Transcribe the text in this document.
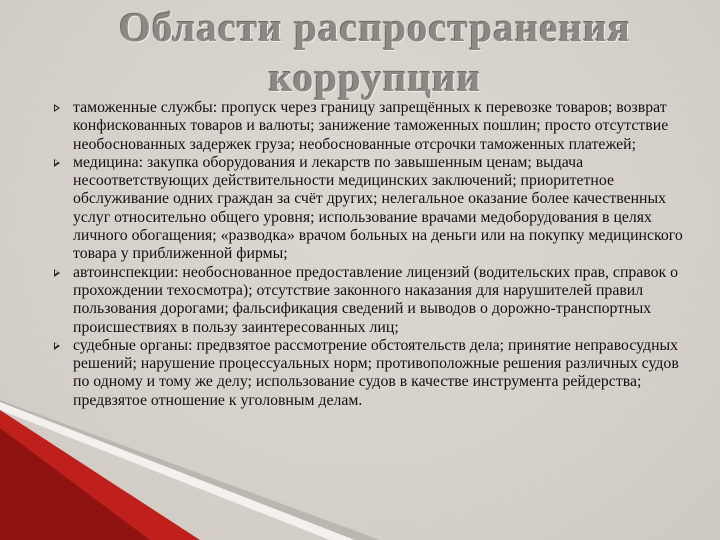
Области распространения коррупции
таможенные службы: пропуск через границу запрещённых к перевозке товаров; возврат конфискованных товаров и валюты; занижение таможенных пошлин; просто отсутствие необоснованных задержек груза; необоснованные отсрочки таможенных платежей;
медицина: закупка оборудования и лекарств по завышенным ценам; выдача несоответствующих действительности медицинских заключений; приоритетное обслуживание одних граждан за счёт других; нелегальное оказание более качественных услуг относительно общего уровня; использование врачами медоборудования в целях личного обогащения; «разводка» врачом больных на деньги или на покупку медицинского товара у приближенной фирмы;
автоинспекции: необоснованное предоставление лицензий (водительских прав, справок о прохождении техосмотра); отсутствие законного наказания для нарушителей правил пользования дорогами; фальсификация сведений и выводов о дорожно-транспортных происшествиях в пользу заинтересованных лиц;
судебные органы: предвзятое рассмотрение обстоятельств дела; принятие неправосудных решений; нарушение процессуальных норм; противоположные решения различных судов по одному и тому же делу; использование судов в качестве инструмента рейдерства; предвзятое отношение к уголовным делам.
